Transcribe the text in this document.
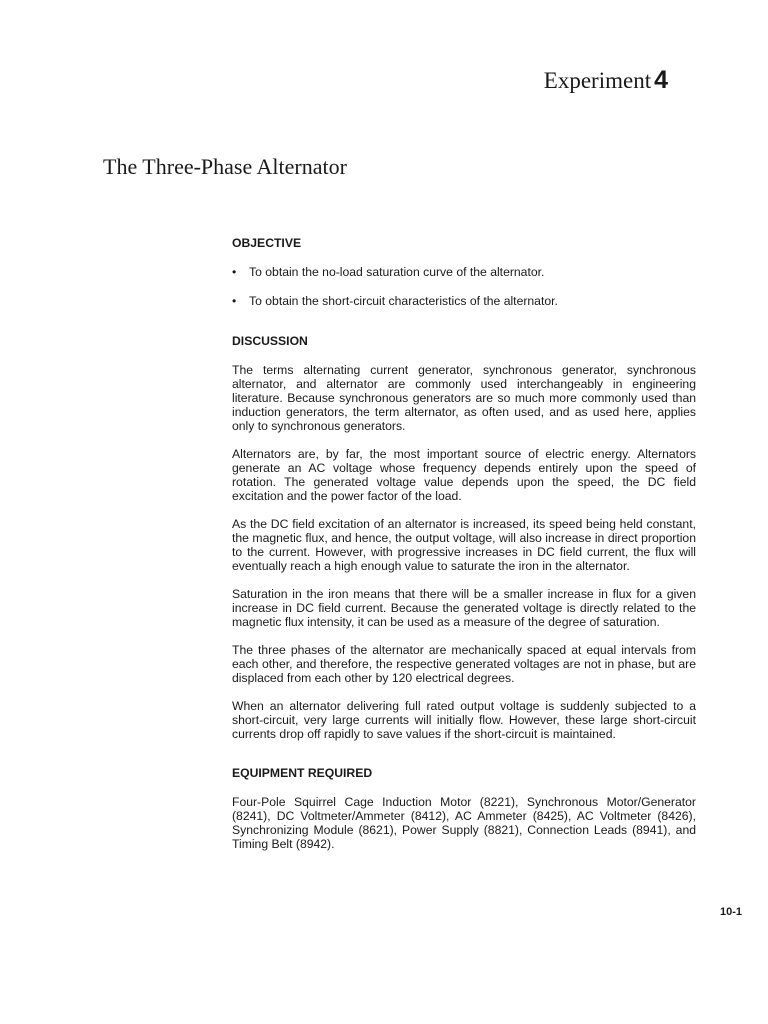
Experiment 4
The Three-Phase Alternator
OBJECTIVE
• To obtain the no-load saturation curve of the alternator.
• To obtain the short-circuit characteristics of the alternator.
DISCUSSION

The terms alternating current generator, synchronous generator, synchronous alternator, and alternator are commonly used interchangeably in engineering literature. Because synchronous generators are so much more commonly used than induction generators, the term alternator, as often used, and as used here, applies only to synchronous generators.

Alternators are, by far, the most important source of electric energy. Alternators generate an AC voltage whose frequency depends entirely upon the speed of rotation. The generated voltage value depends upon the speed, the DC field excitation and the power factor of the load.

As the DC field excitation of an alternator is increased, its speed being held constant, the magnetic flux, and hence, the output voltage, will also increase in direct proportion to the current. However, with progressive increases in DC field current, the flux will eventually reach a high enough value to saturate the iron in the alternator.

Saturation in the iron means that there will be a smaller increase in flux for a given increase in DC field current. Because the generated voltage is directly related to the magnetic flux intensity, it can be used as a measure of the degree of saturation.

The three phases of the alternator are mechanically spaced at equal intervals from each other, and therefore, the respective generated voltages are not in phase, but are displaced from each other by 120 electrical degrees.

When an alternator delivering full rated output voltage is suddenly subjected to a short-circuit, very large currents will initially flow. However, these large short-circuit currents drop off rapidly to save values if the short-circuit is maintained.

EQUIPMENT REQUIRED

Four-Pole Squirrel Cage Induction Motor (8221), Synchronous Motor/Generator (8241), DC Voltmeter/Ammeter (8412), AC Ammeter (8425), AC Voltmeter (8426), Synchronizing Module (8621), Power Supply (8821), Connection Leads (8941), and Timing Belt (8942).

10-1
